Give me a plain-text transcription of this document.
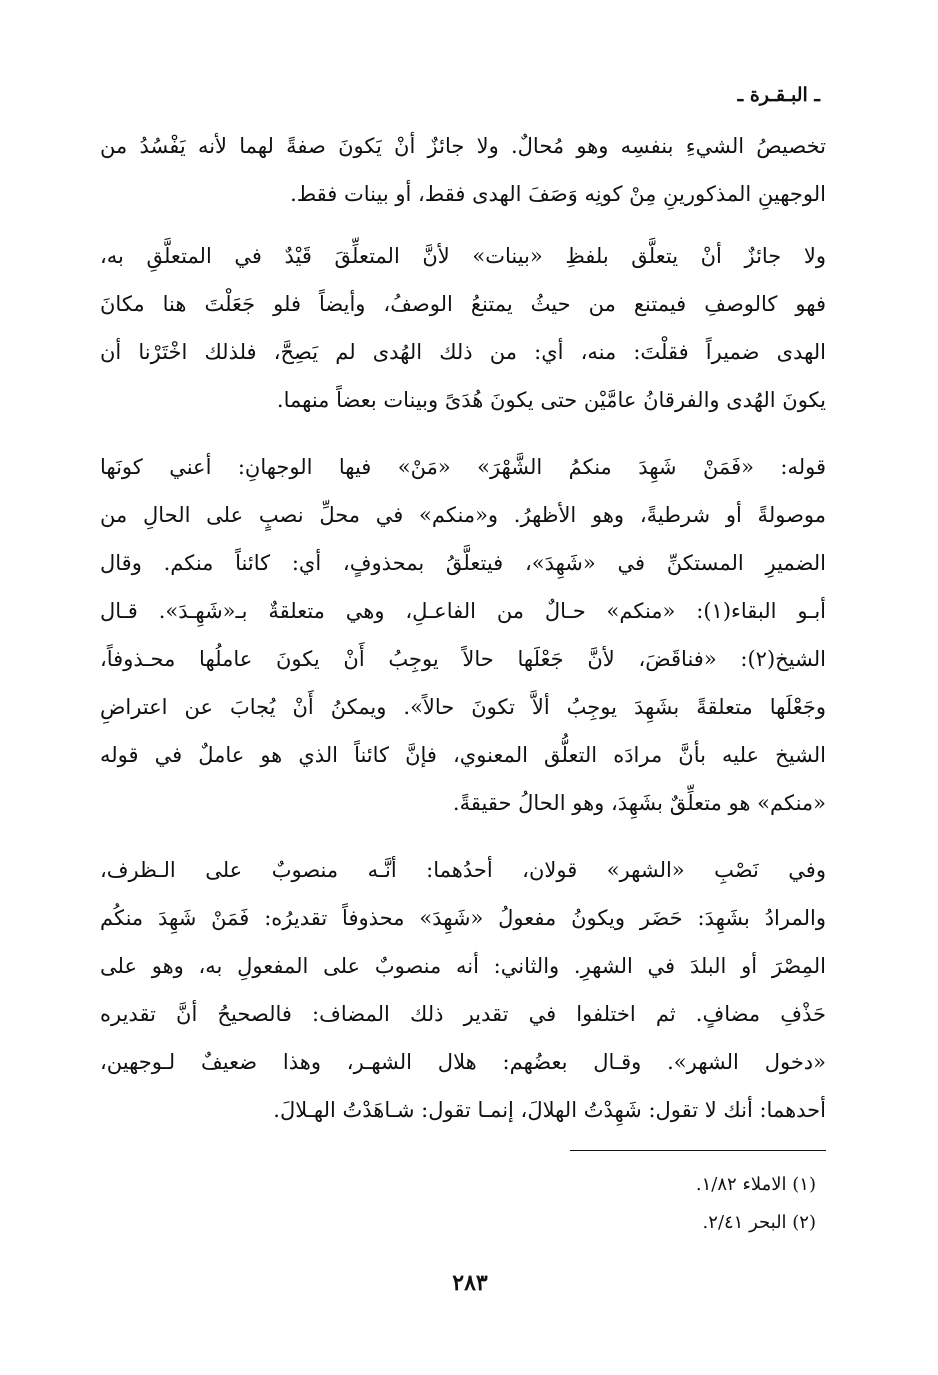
ـ البـقـرة ـ
تخصيصُ الشيءِ بنفسِه وهو مُحالٌ. ولا جائزٌ أنْ يَكونَ صفةً لهما لأنه يَفْسُدُ من
الوجهينِ المذكورينِ مِنْ كونِه وَصَفَ الهدى فقط، أو بينات فقط.
ولا جائزٌ أنْ يتعلَّق بلفظِ «بينات» لأنَّ المتعلِّقَ قَيْدٌ في المتعلَّقِ به،
فهو كالوصفِ فيمتنع من حيثُ يمتنعُ الوصفُ، وأيضاً فلو جَعَلْتَ هنا مكانَ
الهدى ضميراً فقلْتَ: منه، أي: من ذلك الهُدى لم يَصِحَّ، فلذلك اخْتَرْنا أن
يكونَ الهُدى والفرقانُ عامَّيْن حتى يكونَ هُدَىً وبينات بعضاً منهما.
قوله: «فَمَنْ شَهِدَ منكمُ الشَّهْرَ» «مَنْ» فيها الوجهانِ: أعني كونَها
موصولةً أو شرطيةً، وهو الأظهرُ. و«منكم» في محلِّ نصبٍ على الحالِ من
الضميرِ المستكنِّ في «شَهِدَ»، فيتعلَّقُ بمحذوفٍ، أي: كائناً منكم. وقال
أبـو البقاء(١): «منكم» حـالٌ من الفاعـلِ، وهي متعلقةٌ بـ«شَهِـدَ». قـال
الشيخ(٢): «فناقَضَ، لأنَّ جَعْلَها حالاً يوجِبُ أَنْ يكونَ عاملُها محـذوفاً،
وجَعْلَها متعلقةً بشَهِدَ يوجِبُ ألاَّ تكونَ حالاً». ويمكنُ أَنْ يُجابَ عن اعتراضِ
الشيخ عليه بأنَّ مرادَه التعلُّق المعنوي، فإنَّ كائناً الذي هو عاملٌ في قوله
«منكم» هو متعلِّقٌ بشَهِدَ، وهو الحالُ حقيقةً.
وفي نَصْبِ «الشهر» قولان، أحدُهما: أنَّـه منصوبٌ على الـظرف،
والمرادُ بشَهِدَ: حَضَر ويكونُ مفعولُ «شَهِدَ» محذوفاً تقديرُه: فَمَنْ شَهِدَ منكُم
المِصْرَ أو البلدَ في الشهرِ. والثاني: أنه منصوبٌ على المفعولِ به، وهو على
حَذْفِ مضافٍ. ثم اختلفوا في تقدير ذلك المضاف: فالصحيحُ أنَّ تقديره
«دخول الشهر». وقـال بعضُهم: هلال الشهـر، وهذا ضعيفٌ لـوجهين،
أحدهما: أنك لا تقول: شَهِدْتُ الهلالَ، إنمـا تقول: شـاهَدْتُ الهـلالَ.
(١) الاملاء ١/٨٢.
(٢) البحر ٢/٤١.
٢٨٣
